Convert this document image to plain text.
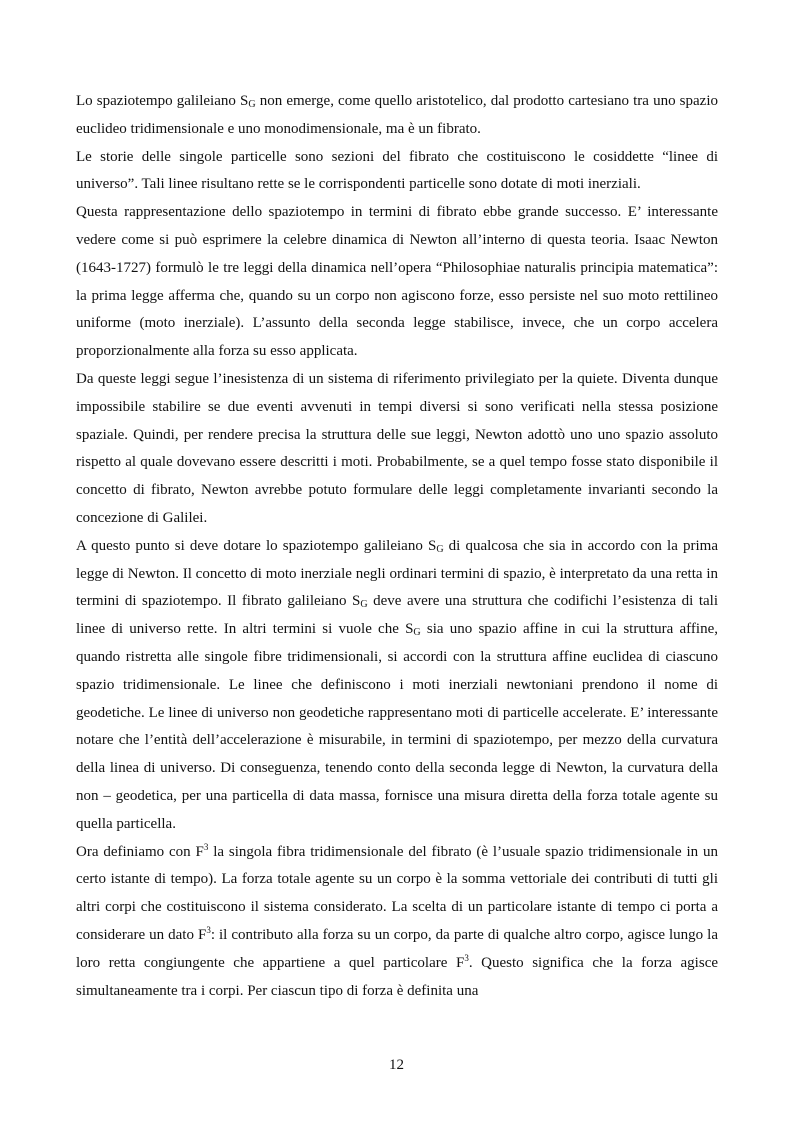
Lo spaziotempo galileiano $S_G$ non emerge, come quello aristotelico, dal prodotto cartesiano tra uno spazio euclideo tridimensionale e uno monodimensionale, ma è un fibrato.

Le storie delle singole particelle sono sezioni del fibrato che costituiscono le cosiddette “linee di universo”. Tali linee risultano rette se le corrispondenti particelle sono dotate di moti inerziali.

Questa rappresentazione dello spaziotempo in termini di fibrato ebbe grande successo. E’ interessante vedere come si può esprimere la celebre dinamica di Newton all’interno di questa teoria. Isaac Newton (1643-1727) formulò le tre leggi della dinamica nell’opera “Philosophiae naturalis principia matematica”: la prima legge afferma che, quando su un corpo non agiscono forze, esso persiste nel suo moto rettilineo uniforme (moto inerziale). L’assunto della seconda legge stabilisce, invece, che un corpo accelera proporzionalmente alla forza su esso applicata.

Da queste leggi segue l’inesistenza di un sistema di riferimento privilegiato per la quiete. Diventa dunque impossibile stabilire se due eventi avvenuti in tempi diversi si sono verificati nella stessa posizione spaziale. Quindi, per rendere precisa la struttura delle sue leggi, Newton adottò uno uno spazio assoluto rispetto al quale dovevano essere descritti i moti. Probabilmente, se a quel tempo fosse stato disponibile il concetto di fibrato, Newton avrebbe potuto formulare delle leggi completamente invarianti secondo la concezione di Galilei.

A questo punto si deve dotare lo spaziotempo galileiano $S_G$ di qualcosa che sia in accordo con la prima legge di Newton. Il concetto di moto inerziale negli ordinari termini di spazio, è interpretato da una retta in termini di spaziotempo. Il fibrato galileiano $S_G$ deve avere una struttura che codifichi l’esistenza di tali linee di universo rette. In altri termini si vuole che $S_G$ sia uno spazio affine in cui la struttura affine, quando ristretta alle singole fibre tridimensionali, si accordi con la struttura affine euclidea di ciascuno spazio tridimensionale. Le linee che definiscono i moti inerziali newtoniani prendono il nome di geodetiche. Le linee di universo non geodetiche rappresentano moti di particelle accelerate. E’ interessante notare che l’entità dell’accelerazione è misurabile, in termini di spaziotempo, per mezzo della curvatura della linea di universo. Di conseguenza, tenendo conto della seconda legge di Newton, la curvatura della non – geodetica, per una particella di data massa, fornisce una misura diretta della forza totale agente su quella particella.

Ora definiamo con $F^3$ la singola fibra tridimensionale del fibrato (è l’usuale spazio tridimensionale in un certo istante di tempo). La forza totale agente su un corpo è la somma vettoriale dei contributi di tutti gli altri corpi che costituiscono il sistema considerato. La scelta di un particolare istante di tempo ci porta a considerare un dato $F^3$: il contributo alla forza su un corpo, da parte di qualche altro corpo, agisce lungo la loro retta congiungente che appartiene a quel particolare $F^3$. Questo significa che la forza agisce simultaneamente tra i corpi. Per ciascun tipo di forza è definita una

12
